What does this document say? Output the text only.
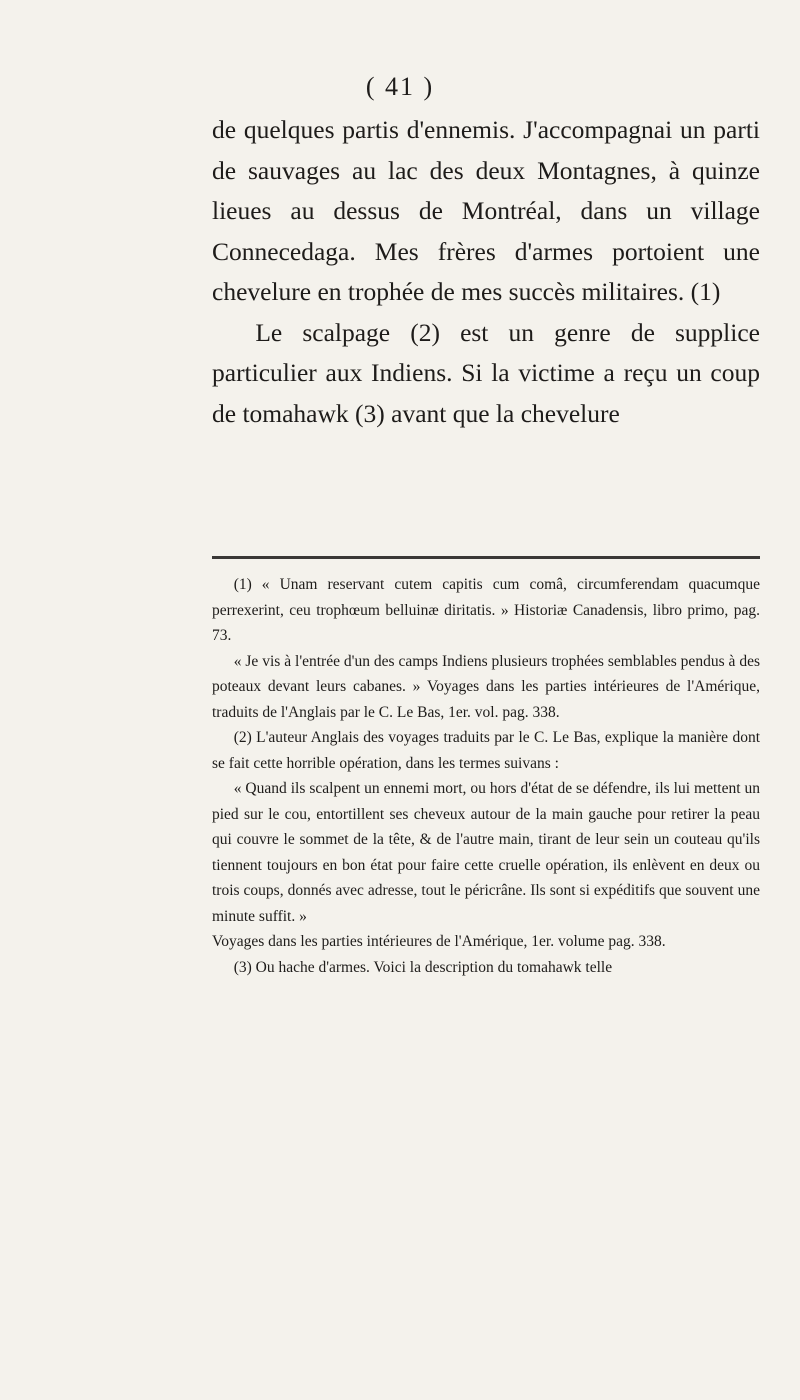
( 41 )

de quelques partis d'ennemis. J'accompagnai un parti de sauvages au lac des deux Montagnes, à quinze lieues au dessus de Montréal, dans un village Connecedaga. Mes frères d'armes portoient une chevelure en trophée de mes succès militaires. (1)

Le scalpage (2) est un genre de supplice particulier aux Indiens. Si la victime a reçu un coup de tomahawk (3) avant que la chevelure

(1) « Unam reservant cutem capitis cum comâ, circumferendam quacumque perrexerint, ceu trophœum belluinæ diritatis. » Historiæ Canadensis, libro primo, pag. 73.

« Je vis à l'entrée d'un des camps Indiens plusieurs trophées semblables pendus à des poteaux devant leurs cabanes. » Voyages dans les parties intérieures de l'Amérique, traduits de l'Anglais par le C. Le Bas, 1er. vol. pag. 338.

(2) L'auteur Anglais des voyages traduits par le C. Le Bas, explique la manière dont se fait cette horrible opération, dans les termes suivans :

« Quand ils scalpent un ennemi mort, ou hors d'état de se défendre, ils lui mettent un pied sur le cou, entortillent ses cheveux autour de la main gauche pour retirer la peau qui couvre le sommet de la tête, & de l'autre main, tirant de leur sein un couteau qu'ils tiennent toujours en bon état pour faire cette cruelle opération, ils enlèvent en deux ou trois coups, donnés avec adresse, tout le péricrâne. Ils sont si expéditifs que souvent une minute suffit. »

Voyages dans les parties intérieures de l'Amérique, 1er. volume pag. 338.

(3) Ou hache d'armes. Voici la description du tomahawk telle
